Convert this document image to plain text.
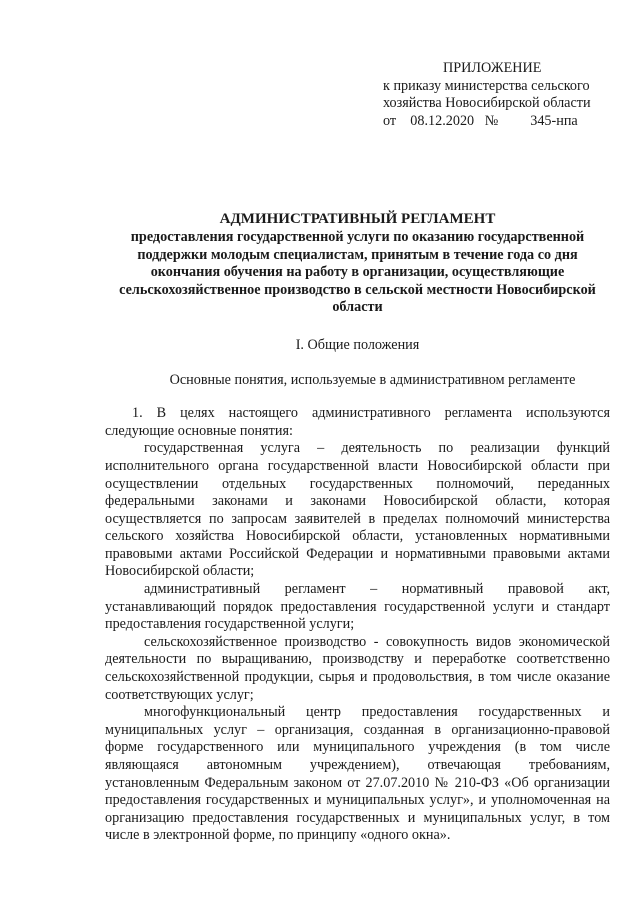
ПРИЛОЖЕНИЕ
к приказу министерства сельского
хозяйства Новосибирской области
от    08.12.2020   №         345-нпа
АДМИНИСТРАТИВНЫЙ РЕГЛАМЕНТ
предоставления государственной услуги по оказанию государственной поддержки молодым специалистам, принятым в течение года со дня окончания обучения на работу в организации, осуществляющие сельскохозяйственное производство в сельской местности Новосибирской области
I. Общие положения
Основные понятия, используемые в административном регламенте

1. В целях настоящего административного регламента используются следующие основные понятия:

государственная услуга – деятельность по реализации функций исполнительного органа государственной власти Новосибирской области при осуществлении отдельных государственных полномочий, переданных федеральными законами и законами Новосибирской области, которая осуществляется по запросам заявителей в пределах полномочий министерства сельского хозяйства Новосибирской области, установленных нормативными правовыми актами Российской Федерации и нормативными правовыми актами Новосибирской области;

административный регламент – нормативный правовой акт, устанавливающий порядок предоставления государственной услуги и стандарт предоставления государственной услуги;

сельскохозяйственное производство - совокупность видов экономической деятельности по выращиванию, производству и переработке соответственно сельскохозяйственной продукции, сырья и продовольствия, в том числе оказание соответствующих услуг;

многофункциональный центр предоставления государственных и муниципальных услуг – организация, созданная в организационно-правовой форме государственного или муниципального учреждения (в том числе являющаяся автономным учреждением), отвечающая требованиям, установленным Федеральным законом от 27.07.2010 № 210-ФЗ «Об организации предоставления государственных и муниципальных услуг», и уполномоченная на организацию предоставления государственных и муниципальных услуг, в том числе в электронной форме, по принципу «одного окна».
